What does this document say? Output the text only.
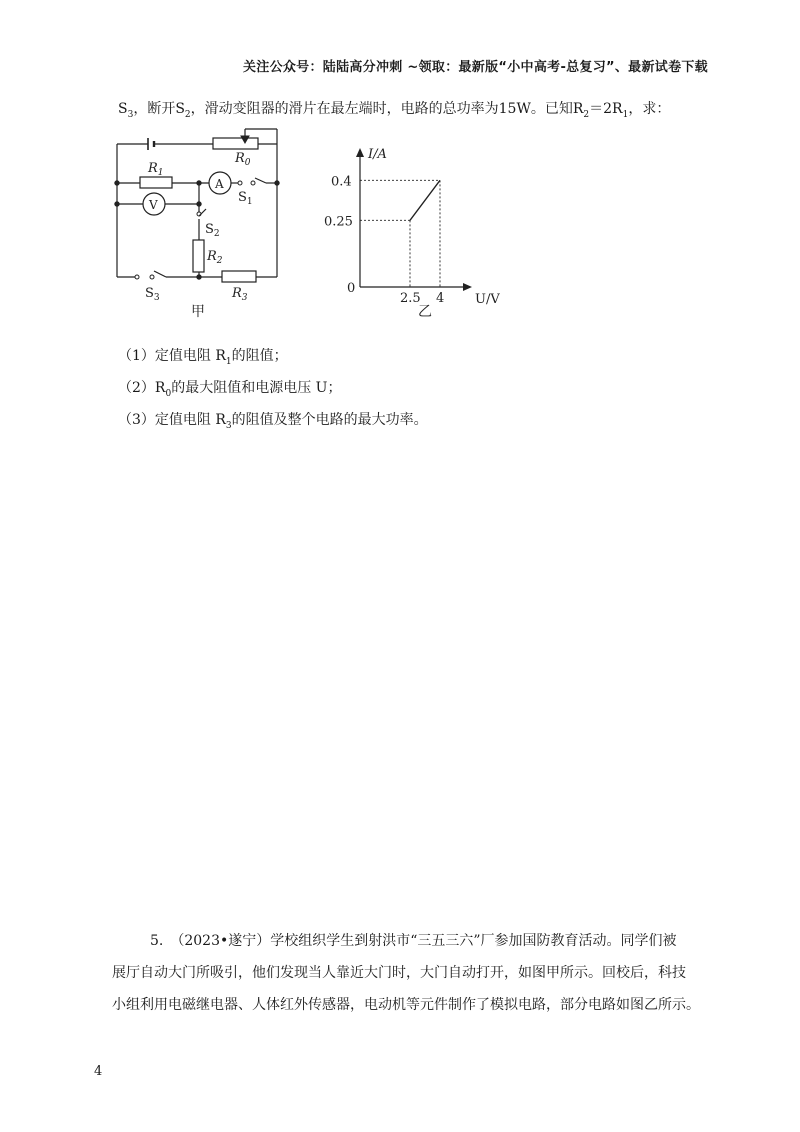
关注公众号：陆陆高分冲刺 ~领取：最新版“小中高考-总复习”、最新试卷下载
$S_3$，断开$S_2$，滑动变阻器的滑片在最左端时，电路的总功率为15W。已知$R_2=2R_1$，求：
$R_0$
$R_1$
$R_2$
$R_3$
A
V	$S_1$
$S_2$
$S_3$
甲
2.5 4
0.25
0.4
I/A
U/V
0
乙
（1）定值电阻 $R_1$的阻值；
$(2)R_0$的最大阻值和电源电压 U；
（3）定值电阻 $R_3$的阻值及整个电路的最大功率。
5.　（2023•遂宁）学校组织学生到射洪市“三五三六”厂参加国防教育活动。同学们被
展厅自动大门所吸引，他们发现当人靠近大门时，大门自动打开，如图甲所示。回校后，科技
小组利用电磁继电器、人体红外传感器，电动机等元件制作了模拟电路，部分电路如图乙所示。
4
